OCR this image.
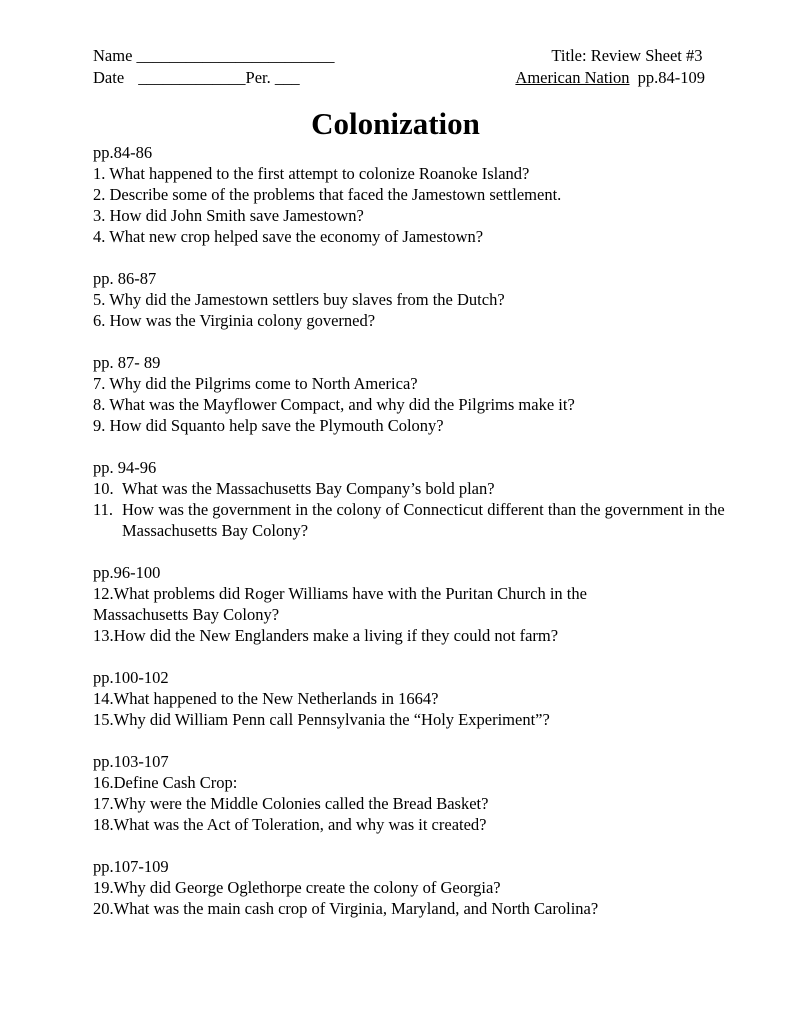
Name ________________________
Date _____________Per. ___
Title: Review Sheet #3
American Nation pp.84-109
Colonization
pp.84-86
1. What happened to the first attempt to colonize Roanoke Island?
2. Describe some of the problems that faced the Jamestown settlement.
3. How did John Smith save Jamestown?
4. What new crop helped save the economy of Jamestown?
pp. 86-87
5. Why did the Jamestown settlers buy slaves from the Dutch?
6. How was the Virginia colony governed?
pp. 87- 89
7. Why did the Pilgrims come to North America?
8. What was the Mayflower Compact, and why did the Pilgrims make it?
9. How did Squanto help save the Plymouth Colony?
pp. 94-96
10. What was the Massachusetts Bay Company’s bold plan?
11. How was the government in the colony of Connecticut different than the government in the Massachusetts Bay Colony?
pp.96-100
12.What problems did Roger Williams have with the Puritan Church in the Massachusetts Bay Colony?
13.How did the New Englanders make a living if they could not farm?
pp.100-102
14.What happened to the New Netherlands in 1664?
15.Why did William Penn call Pennsylvania the “Holy Experiment”?
pp.103-107
16.Define Cash Crop:
17.Why were the Middle Colonies called the Bread Basket?
18.What was the Act of Toleration, and why was it created?
pp.107-109
19.Why did George Oglethorpe create the colony of Georgia?
20.What was the main cash crop of Virginia, Maryland, and North Carolina?
